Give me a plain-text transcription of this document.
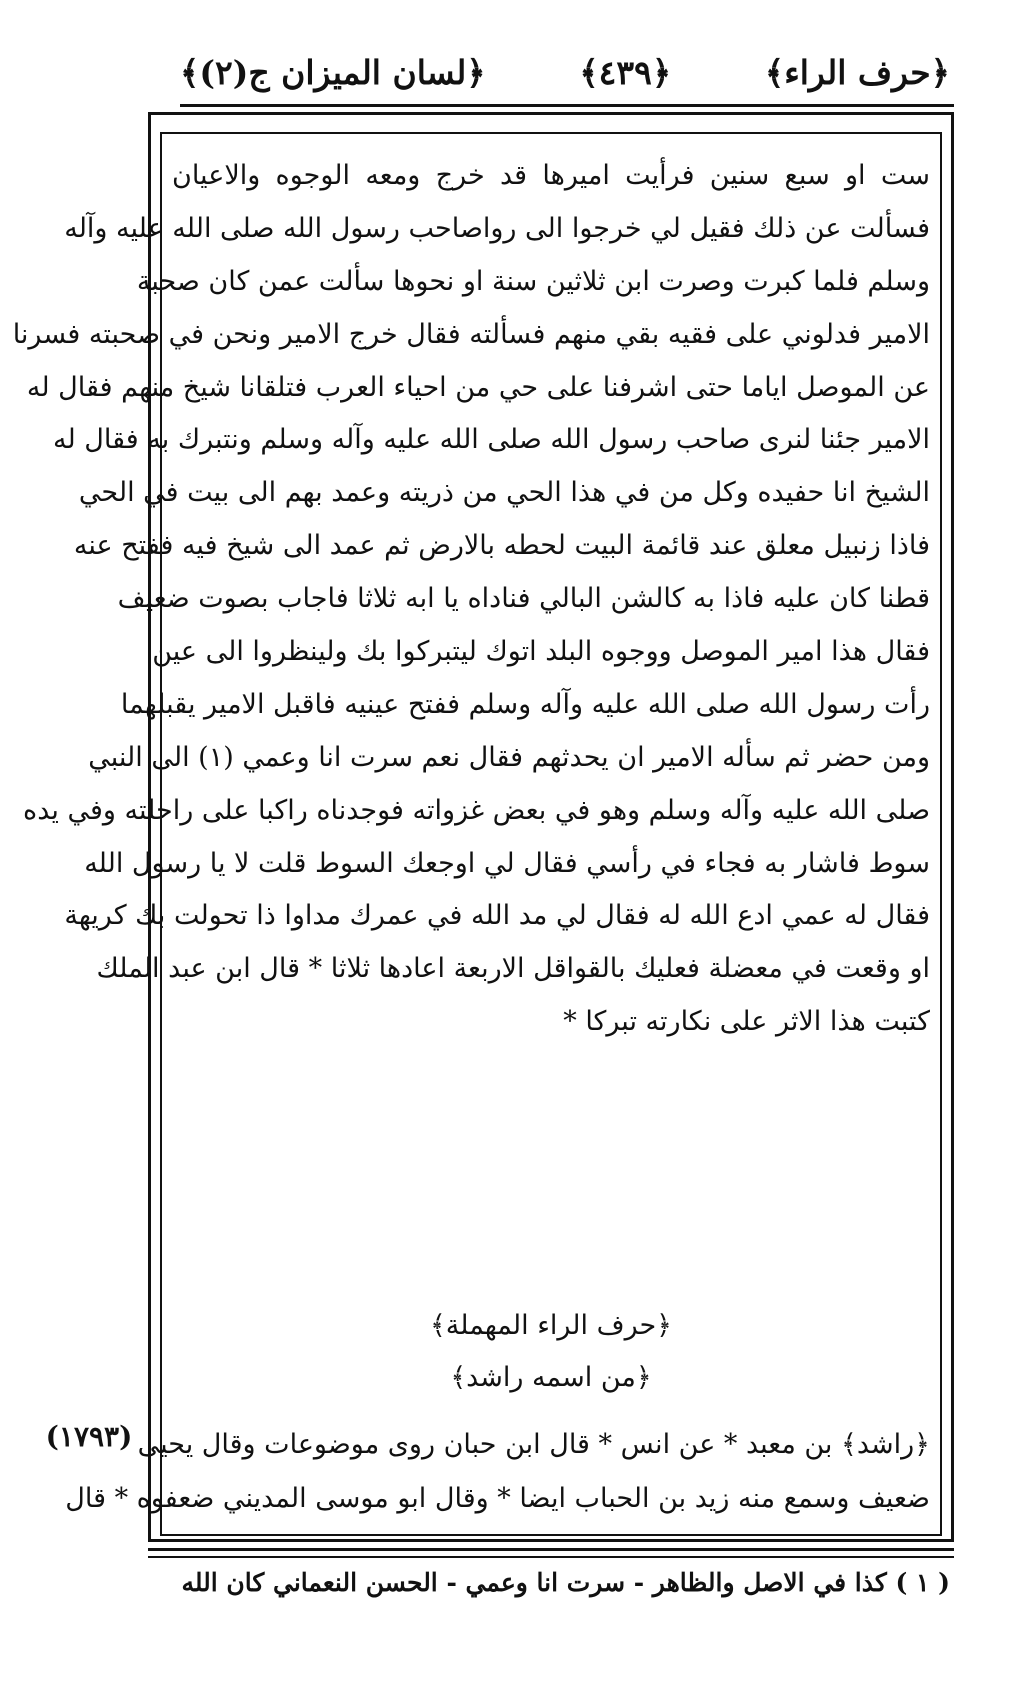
﴿حرف الراء﴾
﴿٤٣٩﴾
﴿لسان الميزان ج(٢)﴾
ست او سبع سنين فرأيت اميرها قد خرج ومعه الوجوه والاعيان
فسألت عن ذلك فقيل لي خرجوا الى رواصاحب رسول الله صلى الله عليه وآله
وسلم فلما كبرت وصرت ابن ثلاثين سنة او نحوها سألت عمن كان صحبة
الامير فدلوني على فقيه بقي منهم فسألته فقال خرج الامير ونحن في صحبته فسرنا
عن الموصل اياما حتى اشرفنا على حي من احياء العرب فتلقانا شيخ منهم فقال له
الامير جئنا لنرى صاحب رسول الله صلى الله عليه وآله وسلم ونتبرك به فقال له
الشيخ انا حفيده وكل من في هذا الحي من ذريته وعمد بهم الى بيت في الحي
فاذا زنبيل معلق عند قائمة البيت لحطه بالارض ثم عمد الى شيخ فيه ففتح عنه
قطنا كان عليه فاذا به كالشن البالي فناداه يا ابه ثلاثا فاجاب بصوت ضعيف
فقال هذا امير الموصل ووجوه البلد اتوك ليتبركوا بك ولينظروا الى عين
رأت رسول الله صلى الله عليه وآله وسلم ففتح عينيه فاقبل الامير يقبلهما
ومن حضر ثم سأله الامير ان يحدثهم فقال نعم سرت انا وعمي (١) الى النبي
صلى الله عليه وآله وسلم وهو في بعض غزواته فوجدناه راكبا على راحلته وفي يده
سوط فاشار به فجاء في رأسي فقال لي اوجعك السوط قلت لا يا رسول الله
فقال له عمي ادع الله له فقال لي مد الله في عمرك مداوا ذا تحولت بك كريهة
او وقعت في معضلة فعليك بالقواقل الاربعة اعادها ثلاثا * قال ابن عبد الملك
كتبت هذا الاثر على نكارته تبركا *
﴿حرف الراء المهملة﴾
﴿من اسمه راشد﴾
﴿راشد﴾ بن معبد * عن انس * قال ابن حبان روى موضوعات وقال يحيى
ضعيف وسمع منه زيد بن الحباب ايضا * وقال ابو موسى المديني ضعفوه * قال
(١٧٩٣)
( ١ ) كذا في الاصل والظاهر - سرت انا وعمي - الحسن النعماني كان الله
